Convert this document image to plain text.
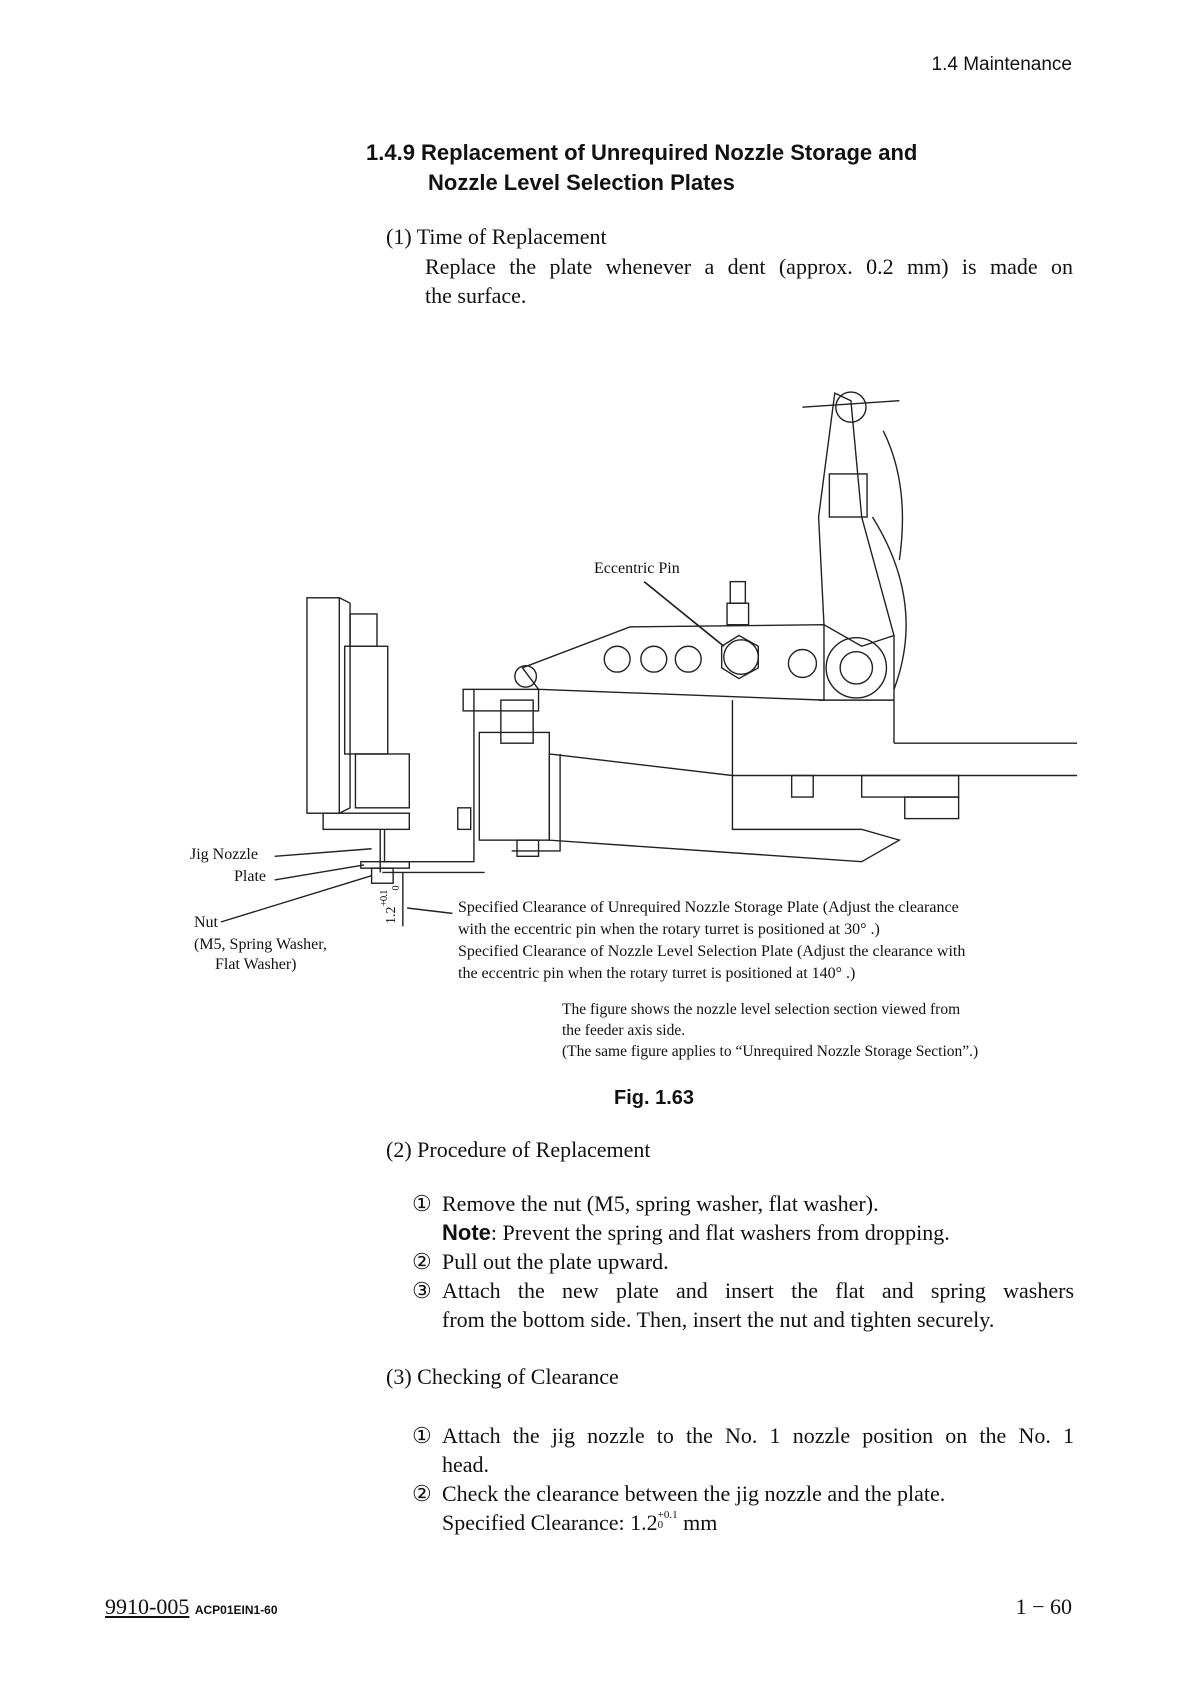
1.4 Maintenance
1.4.9 Replacement of Unrequired Nozzle Storage and
Nozzle Level Selection Plates
(1) Time of Replacement
Replace the plate whenever a dent (approx. 0.2 mm) is made on
the surface.
Eccentric Pin
Jig Nozzle
Plate
Nut
(M5, Spring Washer,
Flat Washer)
$1.2^{+0.1}_0$
Specified Clearance of Unrequired Nozzle Storage Plate (Adjust the clearance
with the eccentric pin when the rotary turret is positioned at 30° .)
Specified Clearance of Nozzle Level Selection Plate (Adjust the clearance with
the eccentric pin when the rotary turret is positioned at 140° .)
The figure shows the nozzle level selection section viewed from
the feeder axis side.
(The same figure applies to “Unrequired Nozzle Storage Section”.)
Fig. 1.63
(2) Procedure of Replacement
① Remove the nut (M5, spring washer, flat washer).
Note: Prevent the spring and flat washers from dropping.
② Pull out the plate upward.
③ Attach the new plate and insert the flat and spring washers
from the bottom side. Then, insert the nut and tighten securely.
(3) Checking of Clearance
① Attach the jig nozzle to the No. 1 nozzle position on the No. 1
head.
② Check the clearance between the jig nozzle and the plate.
Specified Clearance: 1.2 +0.1
0 mm
9910-005 ACP01EIN1-60	1 − 60
